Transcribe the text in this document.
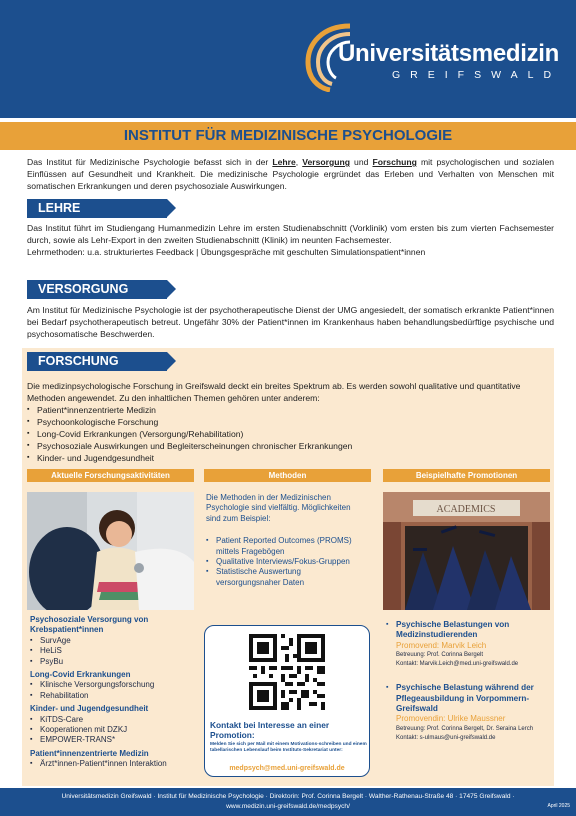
Universitätsmedizin
GREIFSWALD
INSTITUT FÜR MEDIZINISCHE PSYCHOLOGIE
Das Institut für Medizinische Psychologie befasst sich in der Lehre, Versorgung und Forschung mit psychologischen und sozialen Einflüssen auf Gesundheit und Krankheit. Die medizinische Psychologie ergründet das Erleben und Verhalten von Menschen mit somatischen Erkrankungen und deren psychosoziale Auswirkungen.
LEHRE
Das Institut führt im Studiengang Humanmedizin Lehre im ersten Studienabschnitt (Vorklinik) vom ersten bis zum vierten Fachsemester durch, sowie als Lehr-Export in den zweiten Studienabschnitt (Klinik) im neunten Fachsemester.
Lehrmethoden: u.a. strukturiertes Feedback | Übungsgespräche mit geschulten Simulationspatient*innen
VERSORGUNG
Am Institut für Medizinische Psychologie ist der psychotherapeutische Dienst der UMG angesiedelt, der somatisch erkrankte Patient*innen bei Bedarf psychotherapeutisch betreut. Ungefähr 30% der Patient*innen im Krankenhaus haben behandlungsbedürftige psychische und psychosomatische Beschwerden.
FORSCHUNG
Die medizinpsychologische Forschung in Greifswald deckt ein breites Spektrum ab. Es werden sowohl qualitative und quantitative Methoden angewendet. Zu den inhaltlichen Themen gehören unter anderem:
▪ Patient*innenzentrierte Medizin
▪ Psychoonkologische Forschung
▪ Long-Covid Erkrankungen (Versorgung/Rehabilitation)
▪ Psychosoziale Auswirkungen und Begleiterscheinungen chronischer Erkrankungen
▪ Kinder- und Jugendgesundheit
Aktuelle Forschungsaktivitäten	Methoden	Beispielhafte Promotionen
ACADEMICS
Psychosoziale Versorgung von Krebspatient*innen
▪ SurvAge
▪ HeLiS
▪ PsyBu
Long-Covid Erkrankungen
▪ Klinische Versorgungsforschung
▪ Rehabilitation
Kinder- und Jugendgesundheit
▪ KiTDS-Care
▪ Kooperationen mit DZKJ
▪ EMPOWER-TRANS*
Patient*innenzentrierte Medizin
▪ Ärzt*innen-Patient*innen Interaktion
Die Methoden in der Medizinischen Psychologie sind vielfältig. Möglichkeiten sind zum Beispiel:
▪ Patient Reported Outcomes (PROMS) mittels Fragebögen
▪ Qualitative Interviews/Fokus-Gruppen
▪ Statistische Auswertung versorgungsnaher Daten
Kontakt bei Interesse an einer Promotion:
Melden Sie sich per Mail mit einem Motivations-schreiben und einem tabellarischen Lebenslauf beim Instituts-Sekretariat unter:
medpsych@med.uni-greifswald.de
▪ Psychische Belastungen von Medizinstudierenden
Promovend: Marvik Leich
Betreuung: Prof. Corinna Bergelt
Kontakt: Marvik.Leich@med.uni-greifswald.de
▪ Psychische Belastung während der Pflegeausbildung in Vorpommern-Greifswald
Promovendin: Ulrike Maussner
Betreuung: Prof. Corinna Bergelt, Dr. Seraina Lerch
Kontakt: s-ulmaus@uni-greifswald.de
Universitätsmedizin Greifswald · Institut für Medizinische Psychologie · Direktorin: Prof. Corinna Bergelt · Walther-Rathenau-Straße 48 · 17475 Greifswald ·
www.medizin.uni-greifswald.de/medpsych/	April 2025
